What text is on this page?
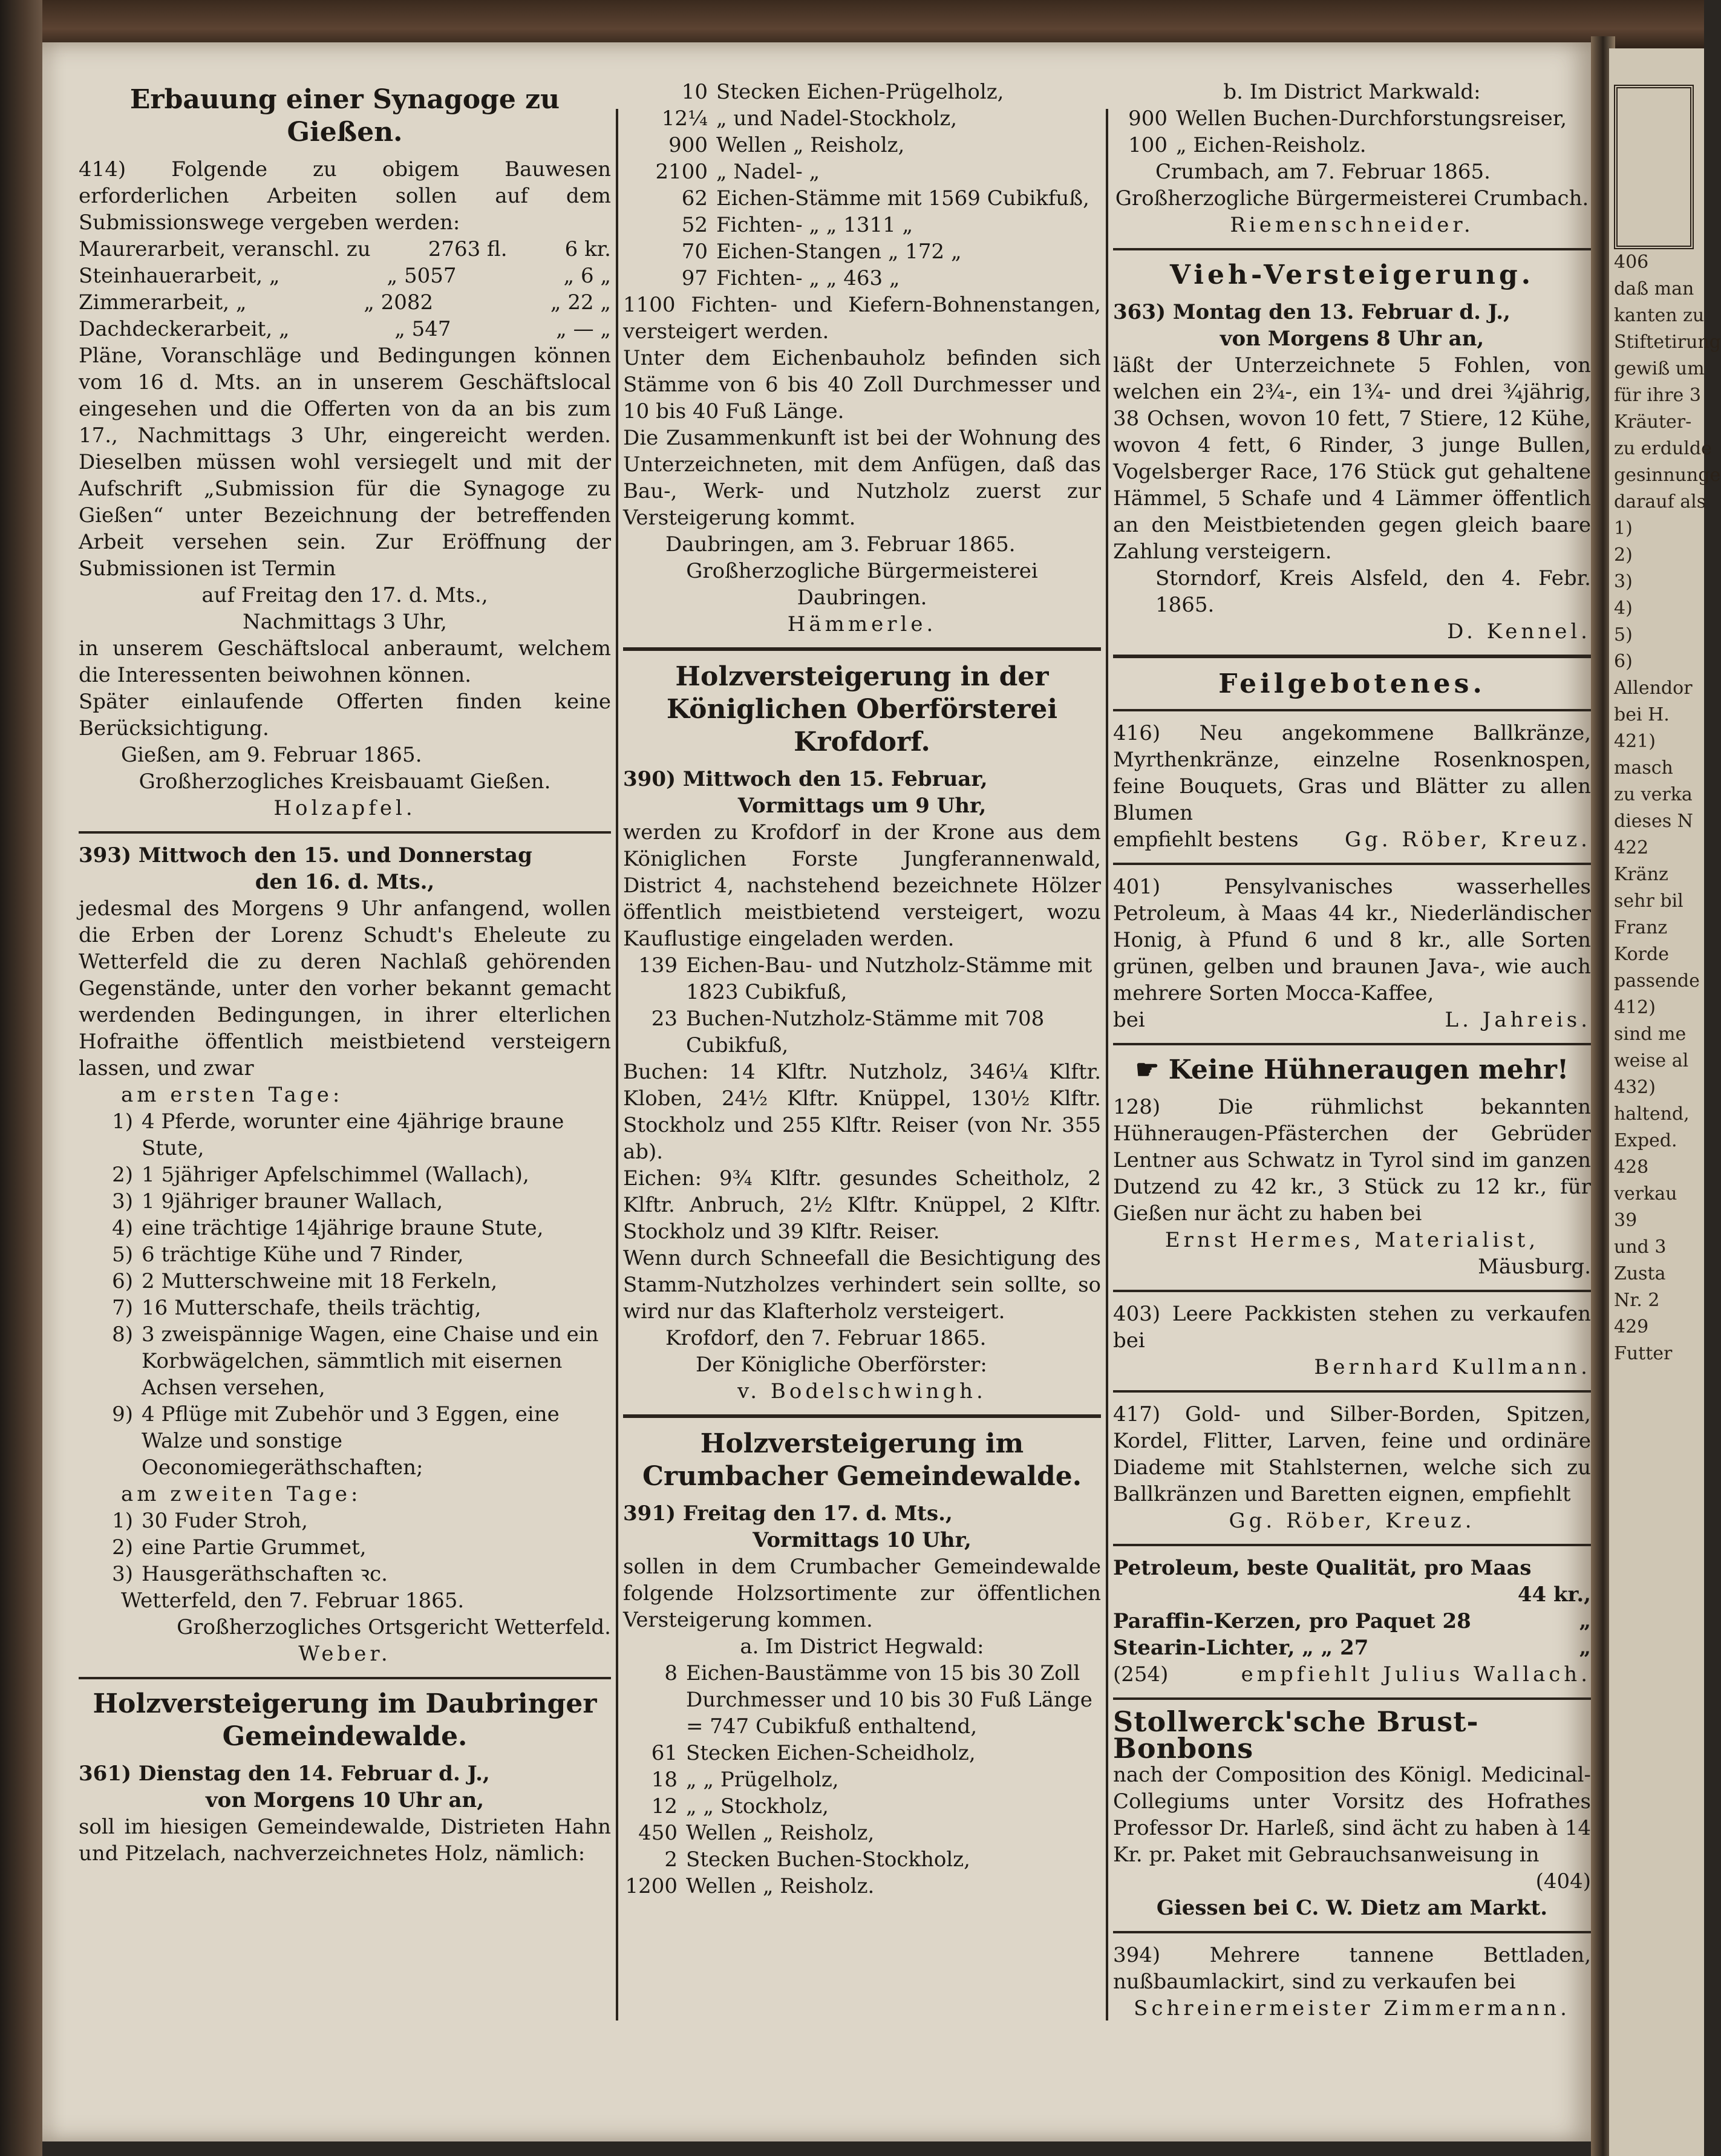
Erbauung einer Synagoge zu Gießen.

414) Folgende zu obigem Bauwesen erforderlichen Arbeiten sollen auf dem Submissionswege vergeben werden:

Maurerarbeit, veranschl. zu	2763 fl.	6 kr.
Steinhauerarbeit, „	„ 5057	„ 6 „
Zimmerarbeit, „	„ 2082	„ 22 „
Dachdeckerarbeit, „	„ 547	„ — „

Pläne, Voranschläge und Bedingungen können vom 16 d. Mts. an in unserem Geschäftslocal eingesehen und die Offerten von da an bis zum 17., Nachmittags 3 Uhr, eingereicht werden. Dieselben müssen wohl versiegelt und mit der Aufschrift „Submission für die Synagoge zu Gießen“ unter Bezeichnung der betreffenden Arbeit versehen sein. Zur Eröffnung der Submissionen ist Termin

auf Freitag den 17. d. Mts.,

Nachmittags 3 Uhr,

in unserem Geschäftslocal anberaumt, welchem die Interessenten beiwohnen können.

Später einlaufende Offerten finden keine Berücksichtigung.

Gießen, am 9. Februar 1865.

Großherzogliches Kreisbauamt Gießen.

Holzapfel.

393) Mittwoch den 15. und Donnerstag

den 16. d. Mts.,

jedesmal des Morgens 9 Uhr anfangend, wollen die Erben der Lorenz Schudt's Eheleute zu Wetterfeld die zu deren Nachlaß gehörenden Gegenstände, unter den vorher bekannt gemacht werdenden Bedingungen, in ihrer elterlichen Hofraithe öffentlich meistbietend versteigern lassen, und zwar

am ersten Tage:

1) 4 Pferde, worunter eine 4jährige braune Stute,
2) 1 5jähriger Apfelschimmel (Wallach),
3) 1 9jähriger brauner Wallach,
4) eine trächtige 14jährige braune Stute,
5) 6 trächtige Kühe und 7 Rinder,
6) 2 Mutterschweine mit 18 Ferkeln,
7) 16 Mutterschafe, theils trächtig,
8) 3 zweispännige Wagen, eine Chaise und ein Korbwägelchen, sämmtlich mit eisernen Achsen versehen,
9) 4 Pflüge mit Zubehör und 3 Eggen, eine Walze und sonstige Oeconomiegeräthschaften;

am zweiten Tage:

1) 30 Fuder Stroh,
2) eine Partie Grummet,
3) Hausgeräthschaften ꝛc.

Wetterfeld, den 7. Februar 1865.

Großherzogliches Ortsgericht Wetterfeld.

Weber.

Holzversteigerung im Daubringer Gemeindewalde.

361) Dienstag den 14. Februar d. J.,

von Morgens 10 Uhr an,

soll im hiesigen Gemeindewalde, Distrieten Hahn und Pitzelach, nachverzeichnetes Holz, nämlich:

10 Stecken Eichen-Prügelholz,
12¼ „ und Nadel-Stockholz,
900 Wellen „ Reisholz,
2100 „ Nadel- „
62 Eichen-Stämme mit 1569 Cubikfuß,
52 Fichten- „ „ 1311 „
70 Eichen-Stangen „ 172 „
97 Fichten- „ „ 463 „

1100 Fichten- und Kiefern-Bohnenstangen, versteigert werden.

Unter dem Eichenbauholz befinden sich Stämme von 6 bis 40 Zoll Durchmesser und 10 bis 40 Fuß Länge.

Die Zusammenkunft ist bei der Wohnung des Unterzeichneten, mit dem Anfügen, daß das Bau-, Werk- und Nutzholz zuerst zur Versteigerung kommt.

Daubringen, am 3. Februar 1865.

Großherzogliche Bürgermeisterei Daubringen.

Hämmerle.

Holzversteigerung in der Königlichen Oberförsterei Krofdorf.

390) Mittwoch den 15. Februar,

Vormittags um 9 Uhr,

werden zu Krofdorf in der Krone aus dem Königlichen Forste Jungferannenwald, District 4, nachstehend bezeichnete Hölzer öffentlich meistbietend versteigert, wozu Kauflustige eingeladen werden.

139 Eichen-Bau- und Nutzholz-Stämme mit 1823 Cubikfuß,
23 Buchen-Nutzholz-Stämme mit 708 Cubikfuß,

Buchen: 14 Klftr. Nutzholz, 346¼ Klftr. Kloben, 24½ Klftr. Knüppel, 130½ Klftr. Stockholz und 255 Klftr. Reiser (von Nr. 355 ab).

Eichen: 9¾ Klftr. gesundes Scheitholz, 2 Klftr. Anbruch, 2½ Klftr. Knüppel, 2 Klftr. Stockholz und 39 Klftr. Reiser.

Wenn durch Schneefall die Besichtigung des Stamm-Nutzholzes verhindert sein sollte, so wird nur das Klafterholz versteigert.

Krofdorf, den 7. Februar 1865.

Der Königliche Oberförster:

v. Bodelschwingh.

Holzversteigerung im Crumbacher Gemeindewalde.

391) Freitag den 17. d. Mts.,

Vormittags 10 Uhr,

sollen in dem Crumbacher Gemeindewalde folgende Holzsortimente zur öffentlichen Versteigerung kommen.

a. Im District Hegwald:

8 Eichen-Baustämme von 15 bis 30 Zoll Durchmesser und 10 bis 30 Fuß Länge = 747 Cubikfuß enthaltend,
61 Stecken Eichen-Scheidholz,
18 „ „ Prügelholz,
12 „ „ Stockholz,
450 Wellen „ Reisholz,
2 Stecken Buchen-Stockholz,
1200 Wellen „ Reisholz.

b. Im District Markwald:

900 Wellen Buchen-Durchforstungsreiser,
100 „ Eichen-Reisholz.

Crumbach, am 7. Februar 1865.

Großherzogliche Bürgermeisterei Crumbach.

Riemenschneider.

Vieh-Versteigerung.

363) Montag den 13. Februar d. J.,

von Morgens 8 Uhr an,

läßt der Unterzeichnete 5 Fohlen, von welchen ein 2¾-, ein 1¾- und drei ¾jährig, 38 Ochsen, wovon 10 fett, 7 Stiere, 12 Kühe, wovon 4 fett, 6 Rinder, 3 junge Bullen, Vogelsberger Race, 176 Stück gut gehaltene Hämmel, 5 Schafe und 4 Lämmer öffentlich an den Meistbietenden gegen gleich baare Zahlung versteigern.

Storndorf, Kreis Alsfeld, den 4. Febr. 1865.

D. Kennel.

Feilgebotenes.

416) Neu angekommene Ballkränze, Myrthenkränze, einzelne Rosenknospen, feine Bouquets, Gras und Blätter zu allen Blumen

empfiehlt bestens Gg. Röber, Kreuz.

401) Pensylvanisches wasserhelles Petroleum, à Maas 44 kr., Niederländischer Honig, à Pfund 6 und 8 kr., alle Sorten grünen, gelben und braunen Java-, wie auch mehrere Sorten Mocca-Kaffee,

bei	L. Jahreis.
☛ Keine Hühneraugen mehr!

128) Die rühmlichst bekannten Hühneraugen-Pfästerchen der Gebrüder Lentner aus Schwatz in Tyrol sind im ganzen Dutzend zu 42 kr., 3 Stück zu 12 kr., für Gießen nur ächt zu haben bei

Ernst Hermes, Materialist,

Mäusburg.

403) Leere Packkisten stehen zu verkaufen bei

Bernhard Kullmann.

417) Gold- und Silber-Borden, Spitzen, Kordel, Flitter, Larven, feine und ordinäre Diademe mit Stahlsternen, welche sich zu Ballkränzen und Baretten eignen, empfiehlt

Gg. Röber, Kreuz.

Petroleum, beste Qualität, pro Maas
44 kr.,
Paraffin-Kerzen, pro Paquet 28	„
Stearin-Lichter, „ „ 27	„
(254)	empfiehlt Julius Wallach.
Stollwerck'sche Brust-Bonbons

nach der Composition des Königl. Medicinal-Collegiums unter Vorsitz des Hofrathes Professor Dr. Harleß, sind ächt zu haben à 14 Kr. pr. Paket mit Gebrauchsanweisung in

(404)

Giessen bei C. W. Dietz am Markt.

394) Mehrere tannene Bettladen, nußbaumlackirt, sind zu verkaufen bei

Schreinermeister Zimmermann.

406
daß man
kanten zu
Stiftetirung
gewiß um
für ihre 3
Kräuter-
zu erdulde
gesinnunge
darauf als
1)
2)
3)
4)
5)
6)
Allendor
bei H.
421)
masch
zu verka
dieses N
422
Kränz
sehr bil
Franz
Korde
passende
412)
sind me
weise al
432)
haltend,
Exped.
428
verkau
39
und 3
Zusta
Nr. 2
429
Futter
